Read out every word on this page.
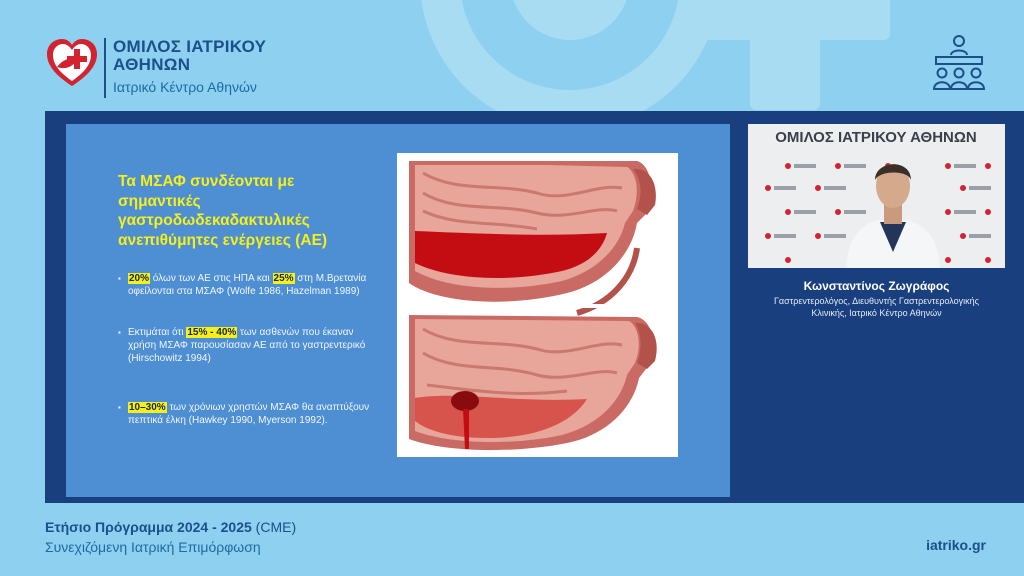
ΟΜΙΛΟΣ ΙΑΤΡΙΚΟΥ
ΑΘΗΝΩΝ
Ιατρικό Κέντρο Αθηνών
Τα ΜΣΑΦ συνδέονται με σημαντικές γαστροδωδεκαδακτυλικές ανεπιθύμητες ενέργειες (ΑΕ)
▪ 20% όλων των ΑΕ στις ΗΠΑ και 25% στη Μ.Βρετανία οφείλονται στα ΜΣΑΦ (Wolfe 1986, Hazelman 1989)
▪ Εκτιμάται ότι 15% - 40% των ασθενών που έκαναν χρήση ΜΣΑΦ παρουσίασαν ΑΕ από το γαστρεντερικό (Hirschowitz 1994)
▪ 10–30% των χρόνιων χρηστών ΜΣΑΦ θα αναπτύξουν πεπτικά έλκη (Hawkey 1990, Myerson 1992).
ΟΜΙΛΟΣ ΙΑΤΡΙΚΟΥ ΑΘΗΝΩΝ
Κωνσταντίνος Ζωγράφος
Γαστρεντερολόγος, Διευθυντής Γαστρεντερολογικής
Κλινικής, Ιατρικό Κέντρο Αθηνών
Ετήσιο Πρόγραμμα 2024 - 2025 (CME)
Συνεχιζόμενη Ιατρική Επιμόρφωση	iatriko.gr
